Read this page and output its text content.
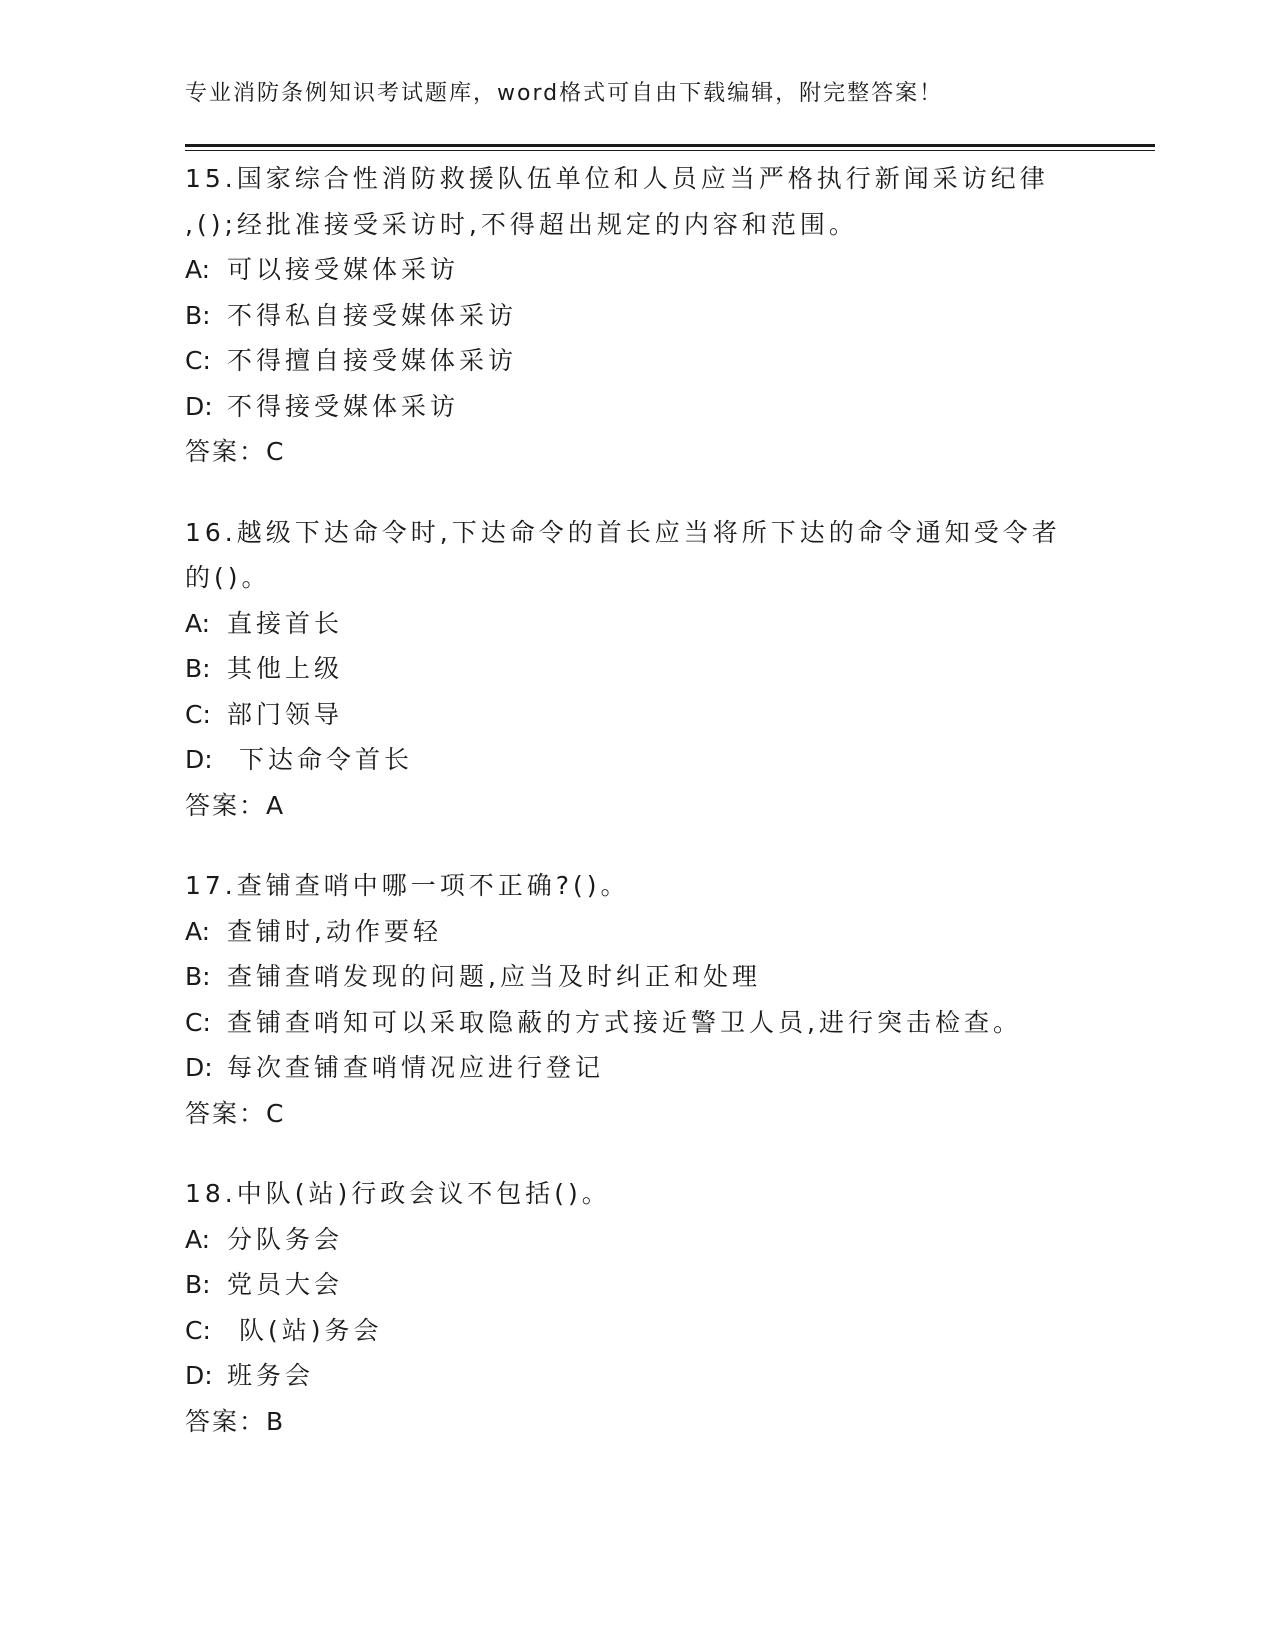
专业消防条例知识考试题库，word格式可自由下载编辑，附完整答案！
15.国家综合性消防救援队伍单位和人员应当严格执行新闻采访纪律
,();经批准接受采访时,不得超出规定的内容和范围。
A: 可以接受媒体采访
B: 不得私自接受媒体采访
C: 不得擅自接受媒体采访
D: 不得接受媒体采访
答案：C
16.越级下达命令时,下达命令的首长应当将所下达的命令通知受令者
的()。
A: 直接首长
B: 其他上级
C: 部门领导
D: 下达命令首长
答案：A
17.查铺查哨中哪一项不正确?()。
A: 查铺时,动作要轻
B: 查铺查哨发现的问题,应当及时纠正和处理
C: 查铺查哨知可以采取隐蔽的方式接近警卫人员,进行突击检查。
D: 每次查铺查哨情况应进行登记
答案：C
18.中队(站)行政会议不包括()。
A: 分队务会
B: 党员大会
C: 队(站)务会
D: 班务会
答案：B
